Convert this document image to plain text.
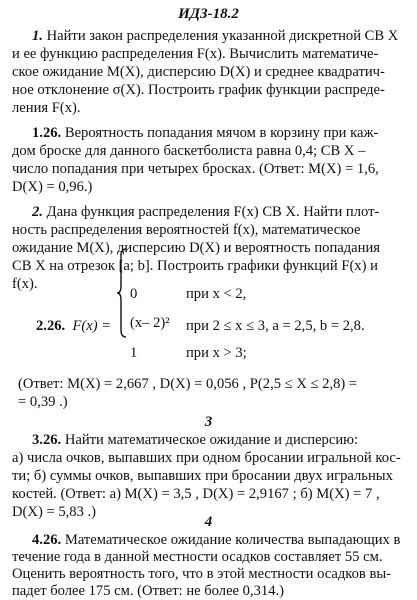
ИДЗ-18.2
1. Найти закон распределения указанной дискретной СВ X
и ее функцию распределения F(x). Вычислить математиче-
ское ожидание M(X), дисперсию D(X) и среднее квадратич-
ное отклонение σ(X). Построить график функции распреде-
ления F(x).
1.26. Вероятность попадания мячом в корзину при каж-
дом броске для данного баскетболиста равна 0,4; СВ X –
число попадания при четырех бросках. (Ответ: M(X) = 1,6,
D(X) = 0,96.)
2. Дана функция распределения F(x) СВ X. Найти плот-
ность распределения вероятностей f(x), математическое
ожидание M(X), дисперсию D(X) и вероятность попадания
СВ X на отрезок [a; b]. Построить графики функций F(x) и
f(x).
2.26. F(x) =
0	при x < 2,
(x– 2)² при 2 ≤ x ≤ 3, a = 2,5, b = 2,8.
1	при x > 3;
(Ответ: M(X) = 2,667 , D(X) = 0,056 , P(2,5 ≤ X ≤ 2,8) =
= 0,39 .)
3
3.26. Найти математическое ожидание и дисперсию:
а) числа очков, выпавших при одном бросании игральной кос-
ти; б) суммы очков, выпавших при бросании двух игральных
костей. (Ответ: а) M(X) = 3,5 , D(X) = 2,9167 ; б) M(X) = 7 ,
D(X) = 5,83 .)
4
4.26. Математическое ожидание количества выпадающих в
течение года в данной местности осадков составляет 55 см.
Оценить вероятность того, что в этой местности осадков вы-
падет более 175 см. (Ответ: не более 0,314.)
